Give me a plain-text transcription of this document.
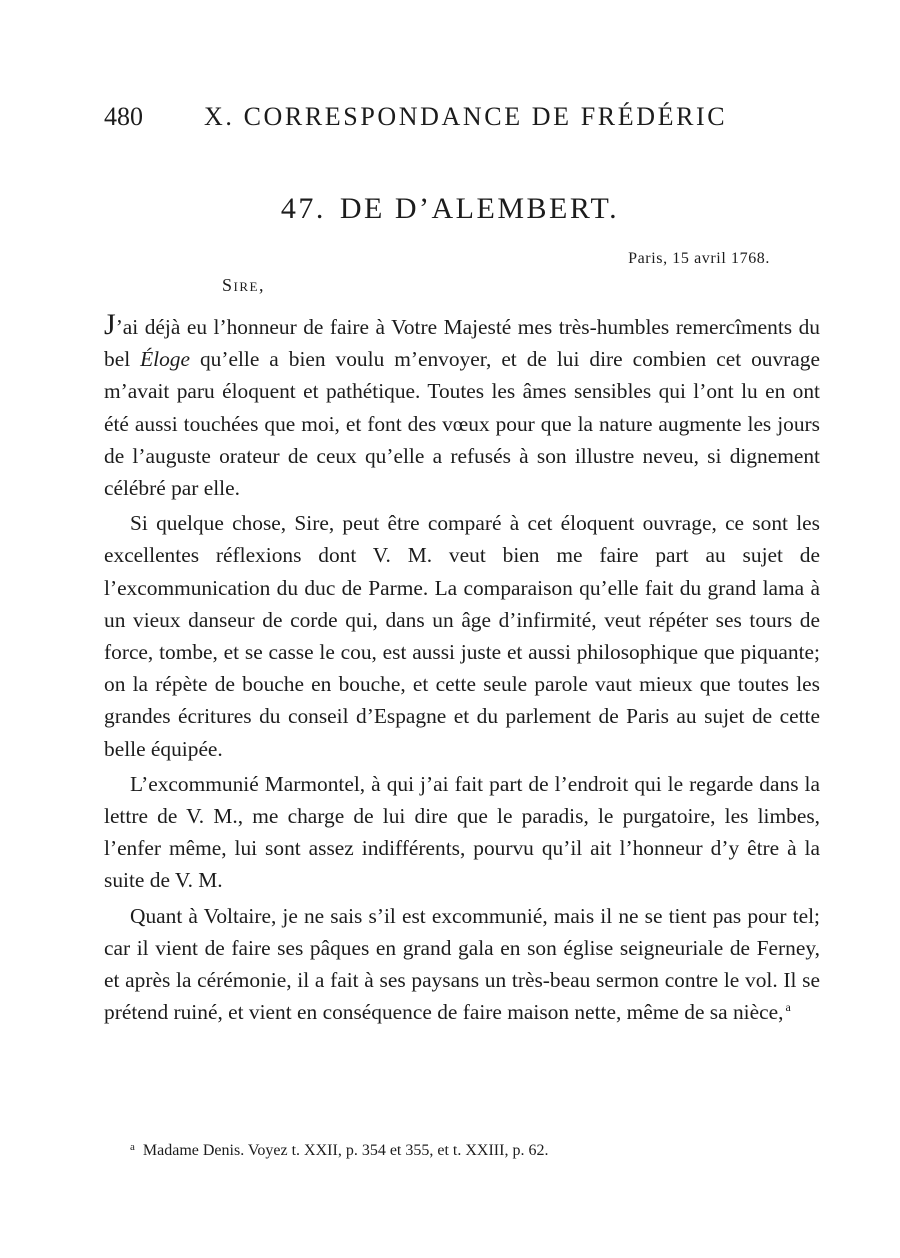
480 X. CORRESPONDANCE DE FRÉDÉRIC
47. DE D’ALEMBERT.
Paris, 15 avril 1768.
Sire,

J’ai déjà eu l’honneur de faire à Votre Majesté mes très-humbles remercîments du bel Éloge qu’elle a bien voulu m’envoyer, et de lui dire combien cet ouvrage m’avait paru éloquent et pathétique. Toutes les âmes sensibles qui l’ont lu en ont été aussi touchées que moi, et font des vœux pour que la nature augmente les jours de l’auguste orateur de ceux qu’elle a refusés à son illustre neveu, si dignement célébré par elle.

Si quelque chose, Sire, peut être comparé à cet éloquent ouvrage, ce sont les excellentes réflexions dont V. M. veut bien me faire part au sujet de l’excommunication du duc de Parme. La comparaison qu’elle fait du grand lama à un vieux danseur de corde qui, dans un âge d’infirmité, veut répéter ses tours de force, tombe, et se casse le cou, est aussi juste et aussi philosophique que piquante; on la répète de bouche en bouche, et cette seule parole vaut mieux que toutes les grandes écritures du conseil d’Espagne et du parlement de Paris au sujet de cette belle équipée.

L’excommunié Marmontel, à qui j’ai fait part de l’endroit qui le regarde dans la lettre de V. M., me charge de lui dire que le paradis, le purgatoire, les limbes, l’enfer même, lui sont assez indifférents, pourvu qu’il ait l’honneur d’y être à la suite de V. M.

Quant à Voltaire, je ne sais s’il est excommunié, mais il ne se tient pas pour tel; car il vient de faire ses pâques en grand gala en son église seigneuriale de Ferney, et après la cérémonie, il a fait à ses paysans un très-beau sermon contre le vol. Il se prétend ruiné, et vient en conséquence de faire maison nette, même de sa nièce, $^a$

$^a$ Madame Denis. Voyez t. XXII, p. 354 et 355, et t. XXIII, p. 62.
